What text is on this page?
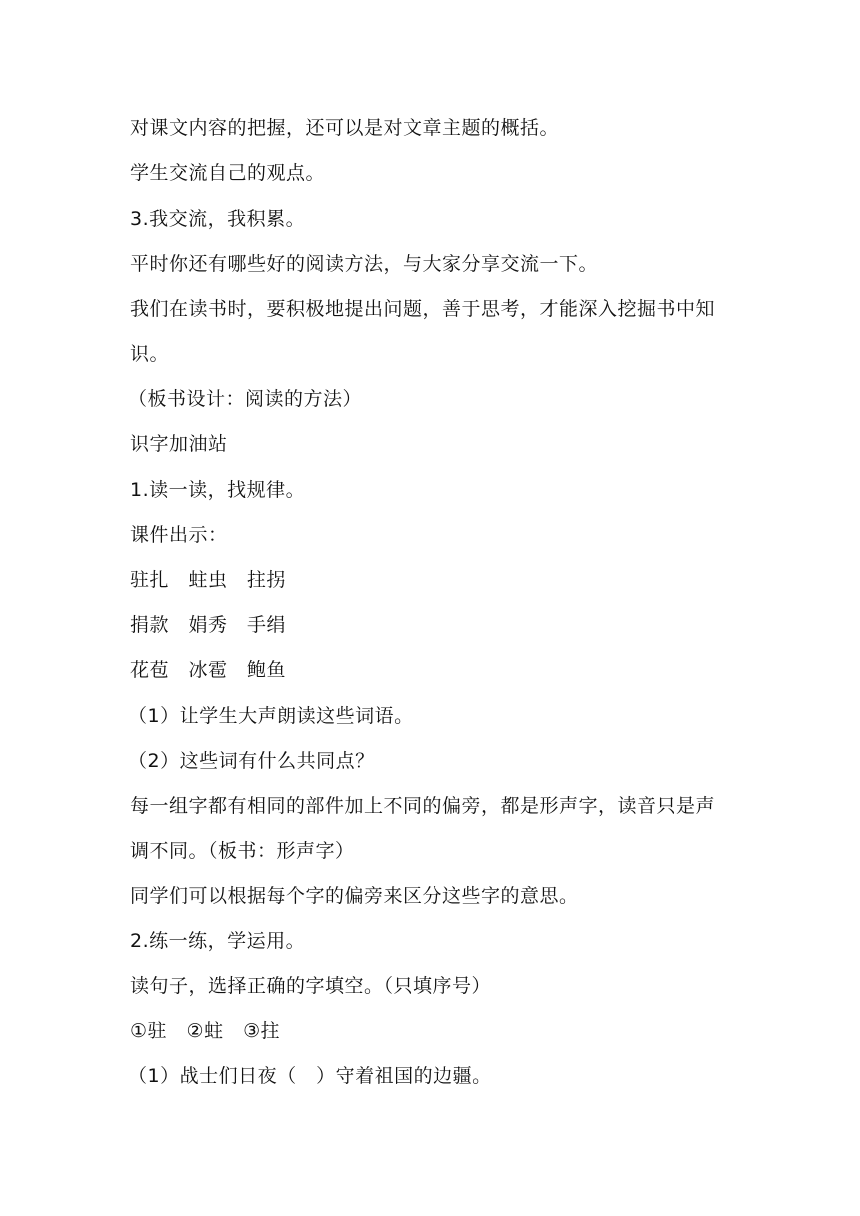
对课文内容的把握，还可以是对文章主题的概括。
学生交流自己的观点。
3.我交流，我积累。
平时你还有哪些好的阅读方法，与大家分享交流一下。
我们在读书时，要积极地提出问题，善于思考，才能深入挖掘书中知
识。
（板书设计：阅读的方法）
识字加油站
1.读一读，找规律。
课件出示：
驻扎　蛀虫　拄拐
捐款　娟秀　手绢
花苞　冰雹　鲍鱼
（1）让学生大声朗读这些词语。
（2）这些词有什么共同点？
每一组字都有相同的部件加上不同的偏旁，都是形声字，读音只是声
调不同。（板书：形声字）
同学们可以根据每个字的偏旁来区分这些字的意思。
2.练一练，学运用。
读句子，选择正确的字填空。（只填序号）
①驻　②蛀　③拄
（1）战士们日夜（　）守着祖国的边疆。
